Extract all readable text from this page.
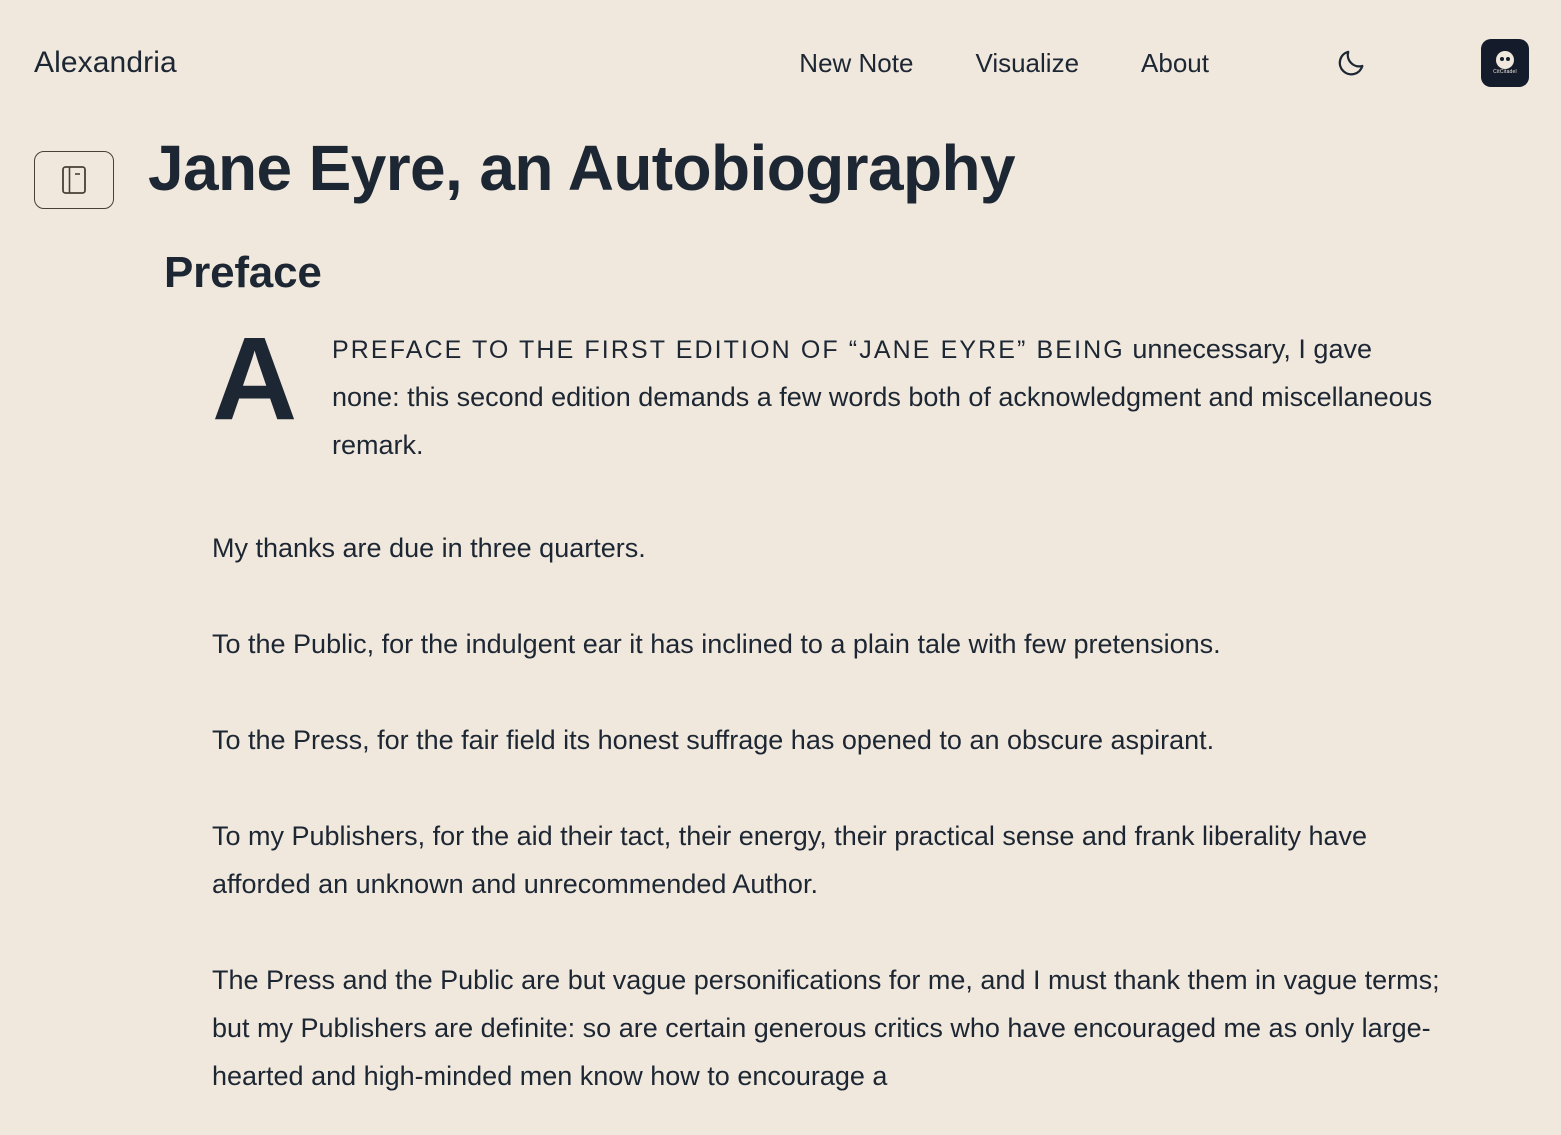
Alexandria	New Note Visualize About	CitCitadel
Jane Eyre, an Autobiography
Preface
A	PREFACE TO THE FIRST EDITION OF “JANE EYRE” BEING unnecessary, I gave none: this second edition demands a few words both of acknowledgment and miscellaneous remark.

My thanks are due in three quarters.

To the Public, for the indulgent ear it has inclined to a plain tale with few pretensions.

To the Press, for the fair field its honest suffrage has opened to an obscure aspirant.

To my Publishers, for the aid their tact, their energy, their practical sense and frank liberality have afforded an unknown and unrecommended Author.

The Press and the Public are but vague personifications for me, and I must thank them in vague terms; but my Publishers are definite: so are certain generous critics who have encouraged me as only large-hearted and high-minded men know how to encourage a
